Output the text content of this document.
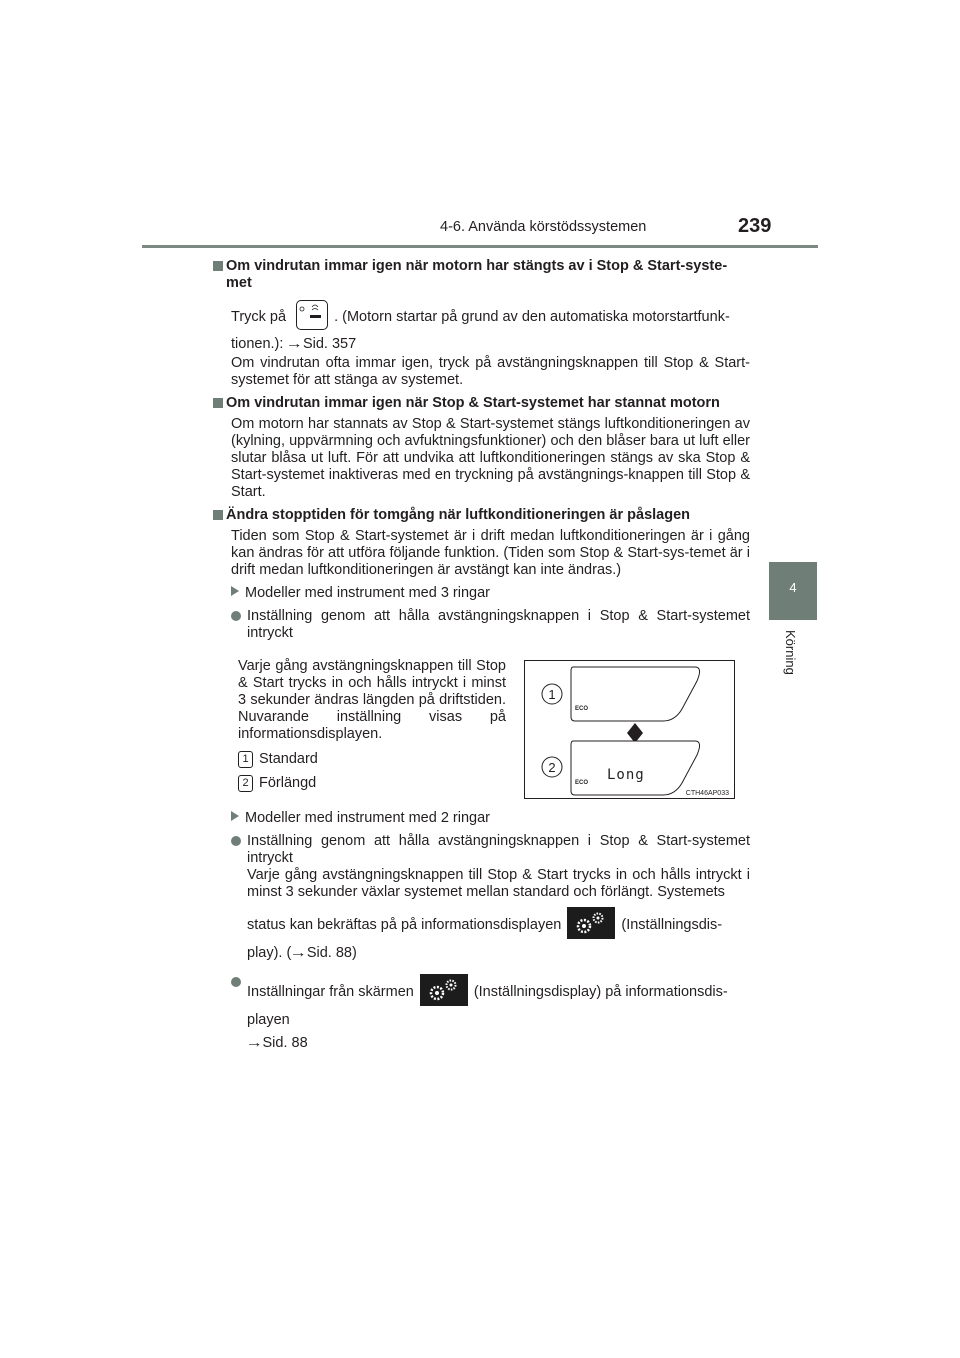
4-6. Använda körstödssystemen	239
4
Körning
Om vindrutan immar igen när motorn har stängts av i Stop & Start-syste-met
Tryck på	. (Motorn startar på grund av den automatiska motorstartfunk-
tionen.): →Sid. 357
Om vindrutan ofta immar igen, tryck på avstängningsknappen till Stop & Start-systemet för att stänga av systemet.
Om vindrutan immar igen när Stop & Start-systemet har stannat motorn
Om motorn har stannats av Stop & Start-systemet stängs luftkonditioneringen av (kylning, uppvärmning och avfuktningsfunktioner) och den blåser bara ut luft eller slutar blåsa ut luft. För att undvika att luftkonditioneringen stängs av ska Stop & Start-systemet inaktiveras med en tryckning på avstängnings-knappen till Stop & Start.
Ändra stopptiden för tomgång när luftkonditioneringen är påslagen
Tiden som Stop & Start-systemet är i drift medan luftkonditioneringen är i gång kan ändras för att utföra följande funktion. (Tiden som Stop & Start-sys-temet är i drift medan luftkonditioneringen är avstängt kan inte ändras.)
Modeller med instrument med 3 ringar
Inställning genom att hålla avstängningsknappen i Stop & Start-systemet intryckt
Varje gång avstängningsknappen till Stop & Start trycks in och hålls intryckt i minst 3 sekunder ändras längden på driftstiden. Nuvarande inställning visas på informationsdisplayen.
1 Standard
2 Förlängd
1
ECO
2
ECO Long
CTH46AP033
Modeller med instrument med 2 ringar
Inställning genom att hålla avstängningsknappen i Stop & Start-systemet intryckt
Varje gång avstängningsknappen till Stop & Start trycks in och hålls intryckt i minst 3 sekunder växlar systemet mellan standard och förlängt. Systemets
status kan bekräftas på på informationsdisplayen	(Inställningsdis-
play). (→Sid. 88)
Inställningar från skärmen	(Inställningsdisplay) på informationsdis-
playen
→Sid. 88
